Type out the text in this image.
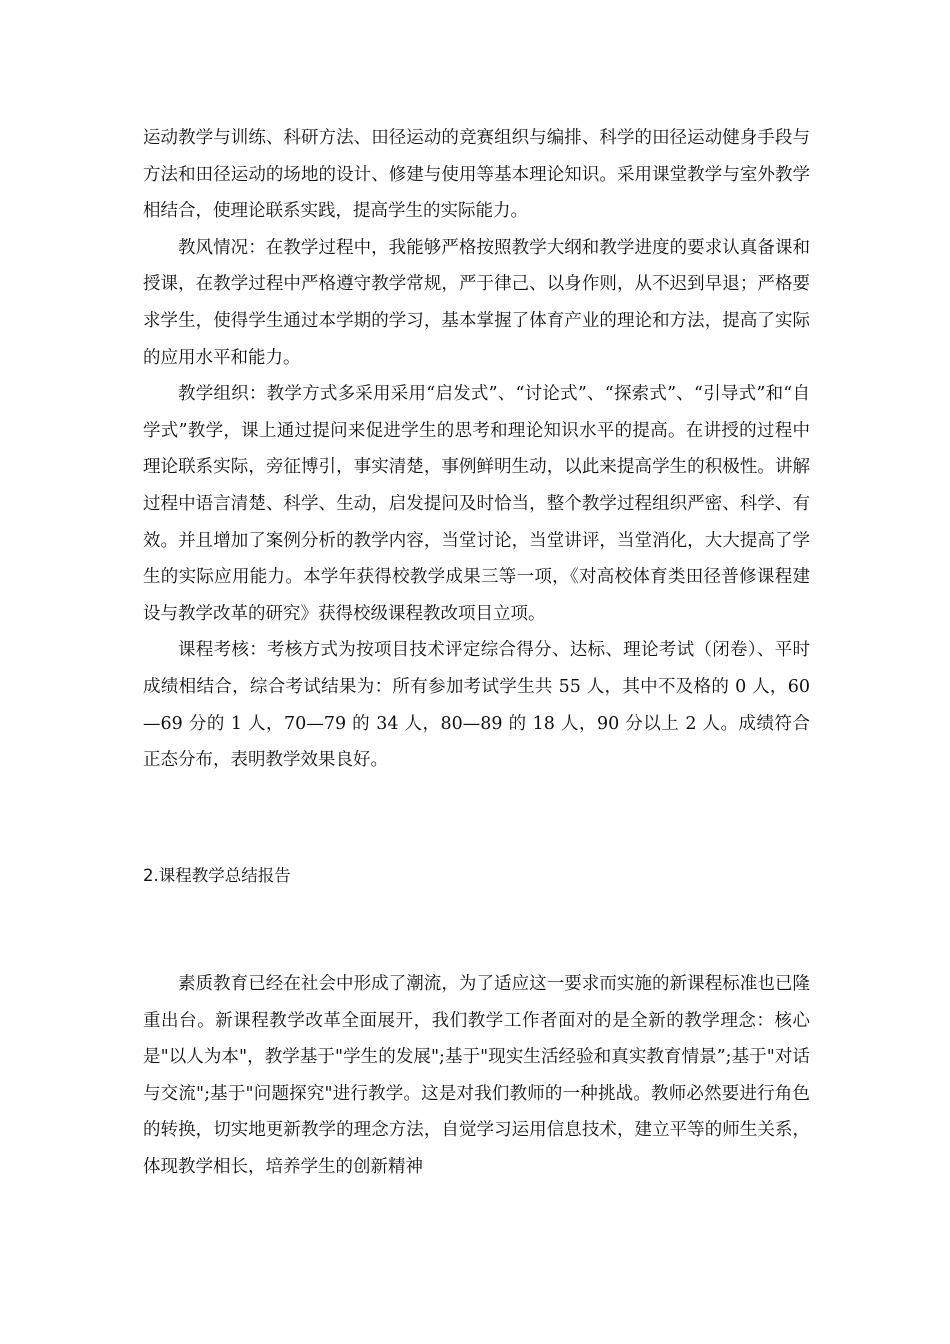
运动教学与训练、科研方法、田径运动的竞赛组织与编排、科学的田径运动健身手段与方法和田径运动的场地的设计、修建与使用等基本理论知识。采用课堂教学与室外教学相结合，使理论联系实践，提高学生的实际能力。

教风情况：在教学过程中，我能够严格按照教学大纲和教学进度的要求认真备课和授课，在教学过程中严格遵守教学常规，严于律己、以身作则，从不迟到早退；严格要求学生，使得学生通过本学期的学习，基本掌握了体育产业的理论和方法，提高了实际的应用水平和能力。

教学组织：教学方式多采用采用“启发式”、“讨论式”、“探索式”、“引导式”和“自学式”教学，课上通过提问来促进学生的思考和理论知识水平的提高。在讲授的过程中理论联系实际，旁征博引，事实清楚，事例鲜明生动，以此来提高学生的积极性。讲解过程中语言清楚、科学、生动，启发提问及时恰当，整个教学过程组织严密、科学、有效。并且增加了案例分析的教学内容，当堂讨论，当堂讲评，当堂消化，大大提高了学生的实际应用能力。本学年获得校教学成果三等一项，《对高校体育类田径普修课程建设与教学改革的研究》获得校级课程教改项目立项。

课程考核：考核方式为按项目技术评定综合得分、达标、理论考试（闭卷）、平时成绩相结合，综合考试结果为：所有参加考试学生共 55 人，其中不及格的 0 人，60—69 分的 1 人，70—79 的 34 人，80—89 的 18 人，90 分以上 2 人。成绩符合正态分布，表明教学效果良好。

2.课程教学总结报告

素质教育已经在社会中形成了潮流，为了适应这一要求而实施的新课程标准也已隆重出台。新课程教学改革全面展开，我们教学工作者面对的是全新的教学理念：核心是"以人为本"，教学基于"学生的发展";基于"现实生活经验和真实教育情景”;基于"对话与交流";基于"问题探究"进行教学。这是对我们教师的一种挑战。教师必然要进行角色的转换，切实地更新教学的理念方法，自觉学习运用信息技术，建立平等的师生关系，体现教学相长，培养学生的创新精神
